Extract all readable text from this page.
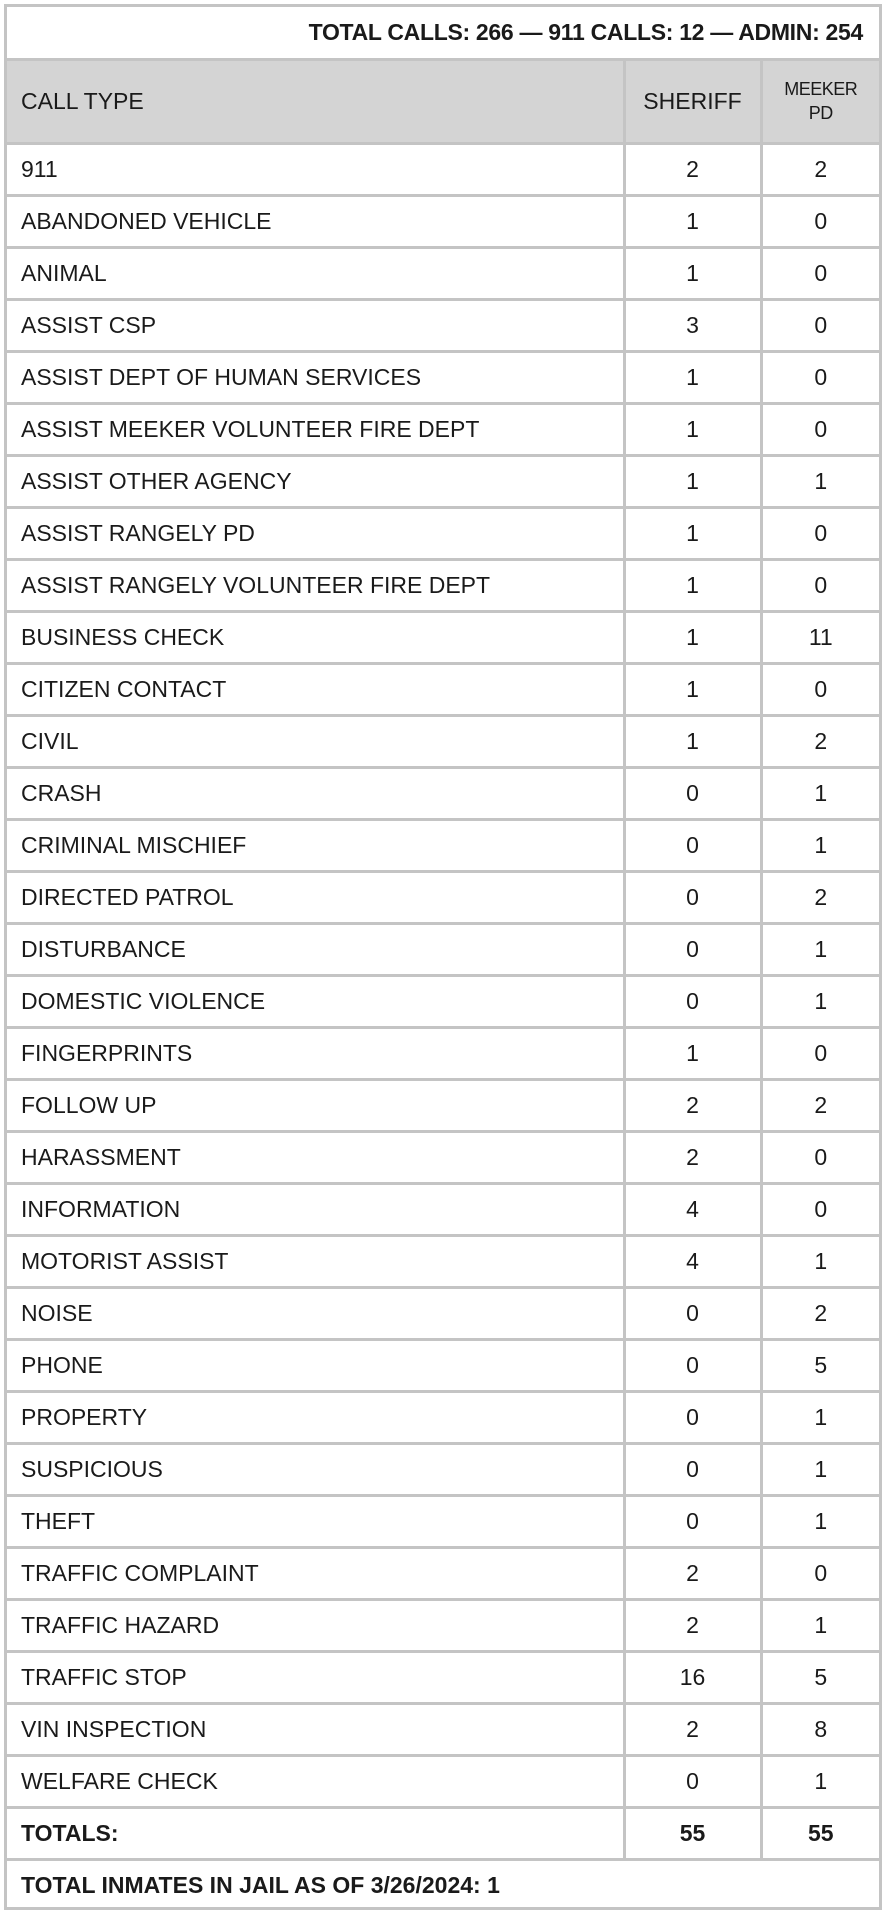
TOTAL CALLS: 266 — 911 CALLS: 12 — ADMIN: 254		
CALL TYPE	SHERIFF	MEEKER
PD
911	2	2
ABANDONED VEHICLE	1	0
ANIMAL	1	0
ASSIST CSP	3	0
ASSIST DEPT OF HUMAN SERVICES	1	0
ASSIST MEEKER VOLUNTEER FIRE DEPT	1	0
ASSIST OTHER AGENCY	1	1
ASSIST RANGELY PD	1	0
ASSIST RANGELY VOLUNTEER FIRE DEPT	1	0
BUSINESS CHECK	1	11
CITIZEN CONTACT	1	0
CIVIL	1	2
CRASH	0	1
CRIMINAL MISCHIEF	0	1
DIRECTED PATROL	0	2
DISTURBANCE	0	1
DOMESTIC VIOLENCE	0	1
FINGERPRINTS	1	0
FOLLOW UP	2	2
HARASSMENT	2	0
INFORMATION	4	0
MOTORIST ASSIST	4	1
NOISE	0	2
PHONE	0	5
PROPERTY	0	1
SUSPICIOUS	0	1
THEFT	0	1
TRAFFIC COMPLAINT	2	0
TRAFFIC HAZARD	2	1
TRAFFIC STOP	16	5
VIN INSPECTION	2	8
WELFARE CHECK	0	1
TOTALS:	55	55
TOTAL INMATES IN JAIL AS OF 3/26/2024: 1		
